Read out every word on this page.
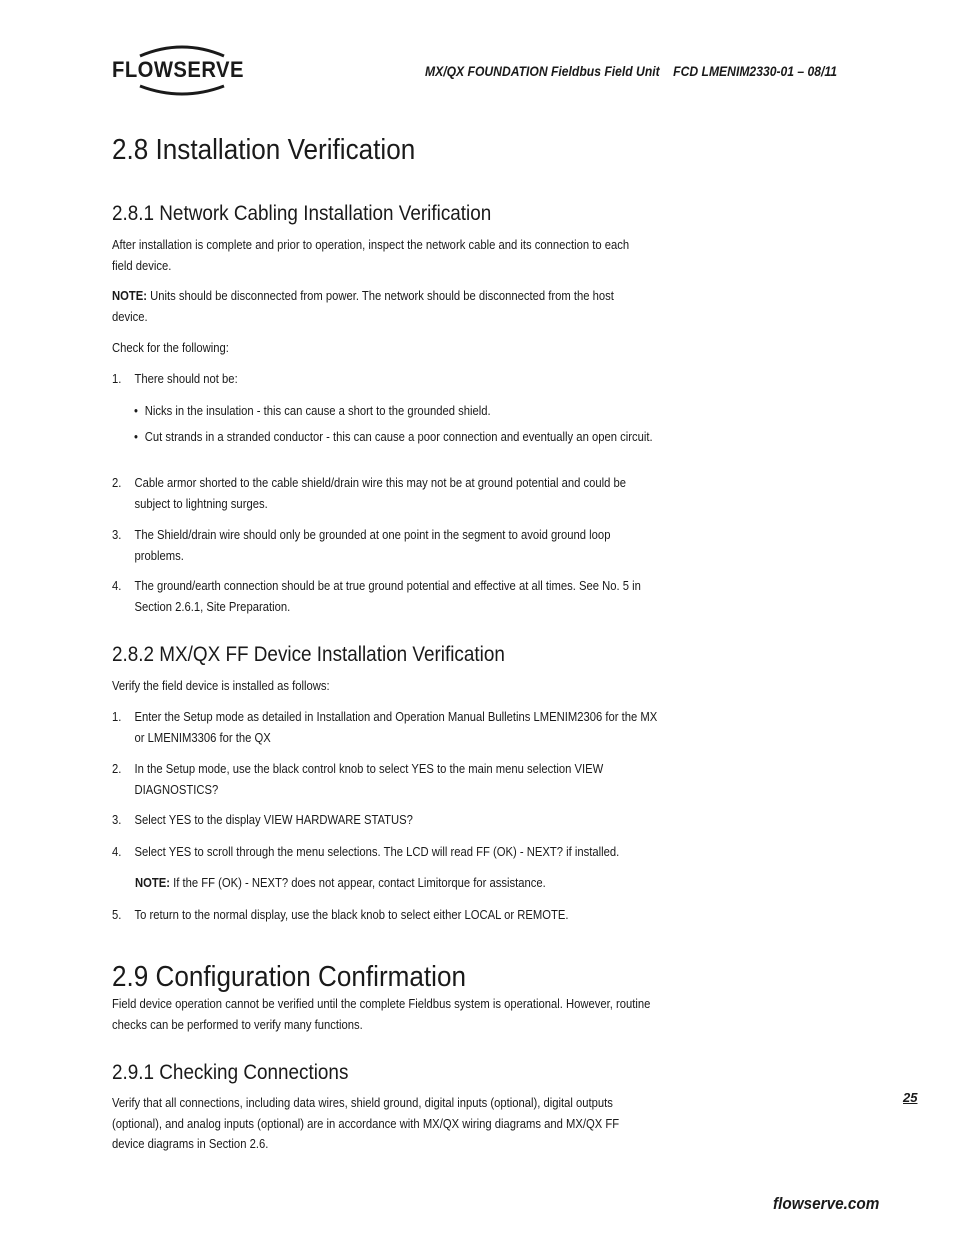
FLOWSERVE	MX/QX FOUNDATION Fieldbus Field Unit    FCD LMENIM2330-01 – 08/11
2.8 Installation Verification
2.8.1 Network Cabling Installation Verification
After installation is complete and prior to operation, inspect the network cable and its connection to each field device.
NOTE: Units should be disconnected from power. The network should be disconnected from the host device.
Check for the following:
1. There should not be:
• Nicks in the insulation - this can cause a short to the grounded shield.
• Cut strands in a stranded conductor - this can cause a poor connection and eventually an open circuit.
2. Cable armor shorted to the cable shield/drain wire this may not be at ground potential and could be subject to lightning surges.
3. The Shield/drain wire should only be grounded at one point in the segment to avoid ground loop problems.
4. The ground/earth connection should be at true ground potential and effective at all times. See No. 5 in Section 2.6.1, Site Preparation.
2.8.2 MX/QX FF Device Installation Verification
Verify the field device is installed as follows:
1. Enter the Setup mode as detailed in Installation and Operation Manual Bulletins LMENIM2306 for the MX or LMENIM3306 for the QX
2. In the Setup mode, use the black control knob to select YES to the main menu selection VIEW DIAGNOSTICS?
3. Select YES to the display VIEW HARDWARE STATUS?
4. Select YES to scroll through the menu selections. The LCD will read FF (OK) - NEXT? if installed.
NOTE: If the FF (OK) - NEXT? does not appear, contact Limitorque for assistance.
5. To return to the normal display, use the black knob to select either LOCAL or REMOTE.
2.9 Configuration Confirmation
Field device operation cannot be verified until the complete Fieldbus system is operational. However, routine checks can be performed to verify many functions.
2.9.1 Checking Connections
Verify that all connections, including data wires, shield ground, digital inputs (optional), digital outputs (optional), and analog inputs (optional) are in accordance with MX/QX wiring diagrams and MX/QX FF device diagrams in Section 2.6.
25
flowserve.com
